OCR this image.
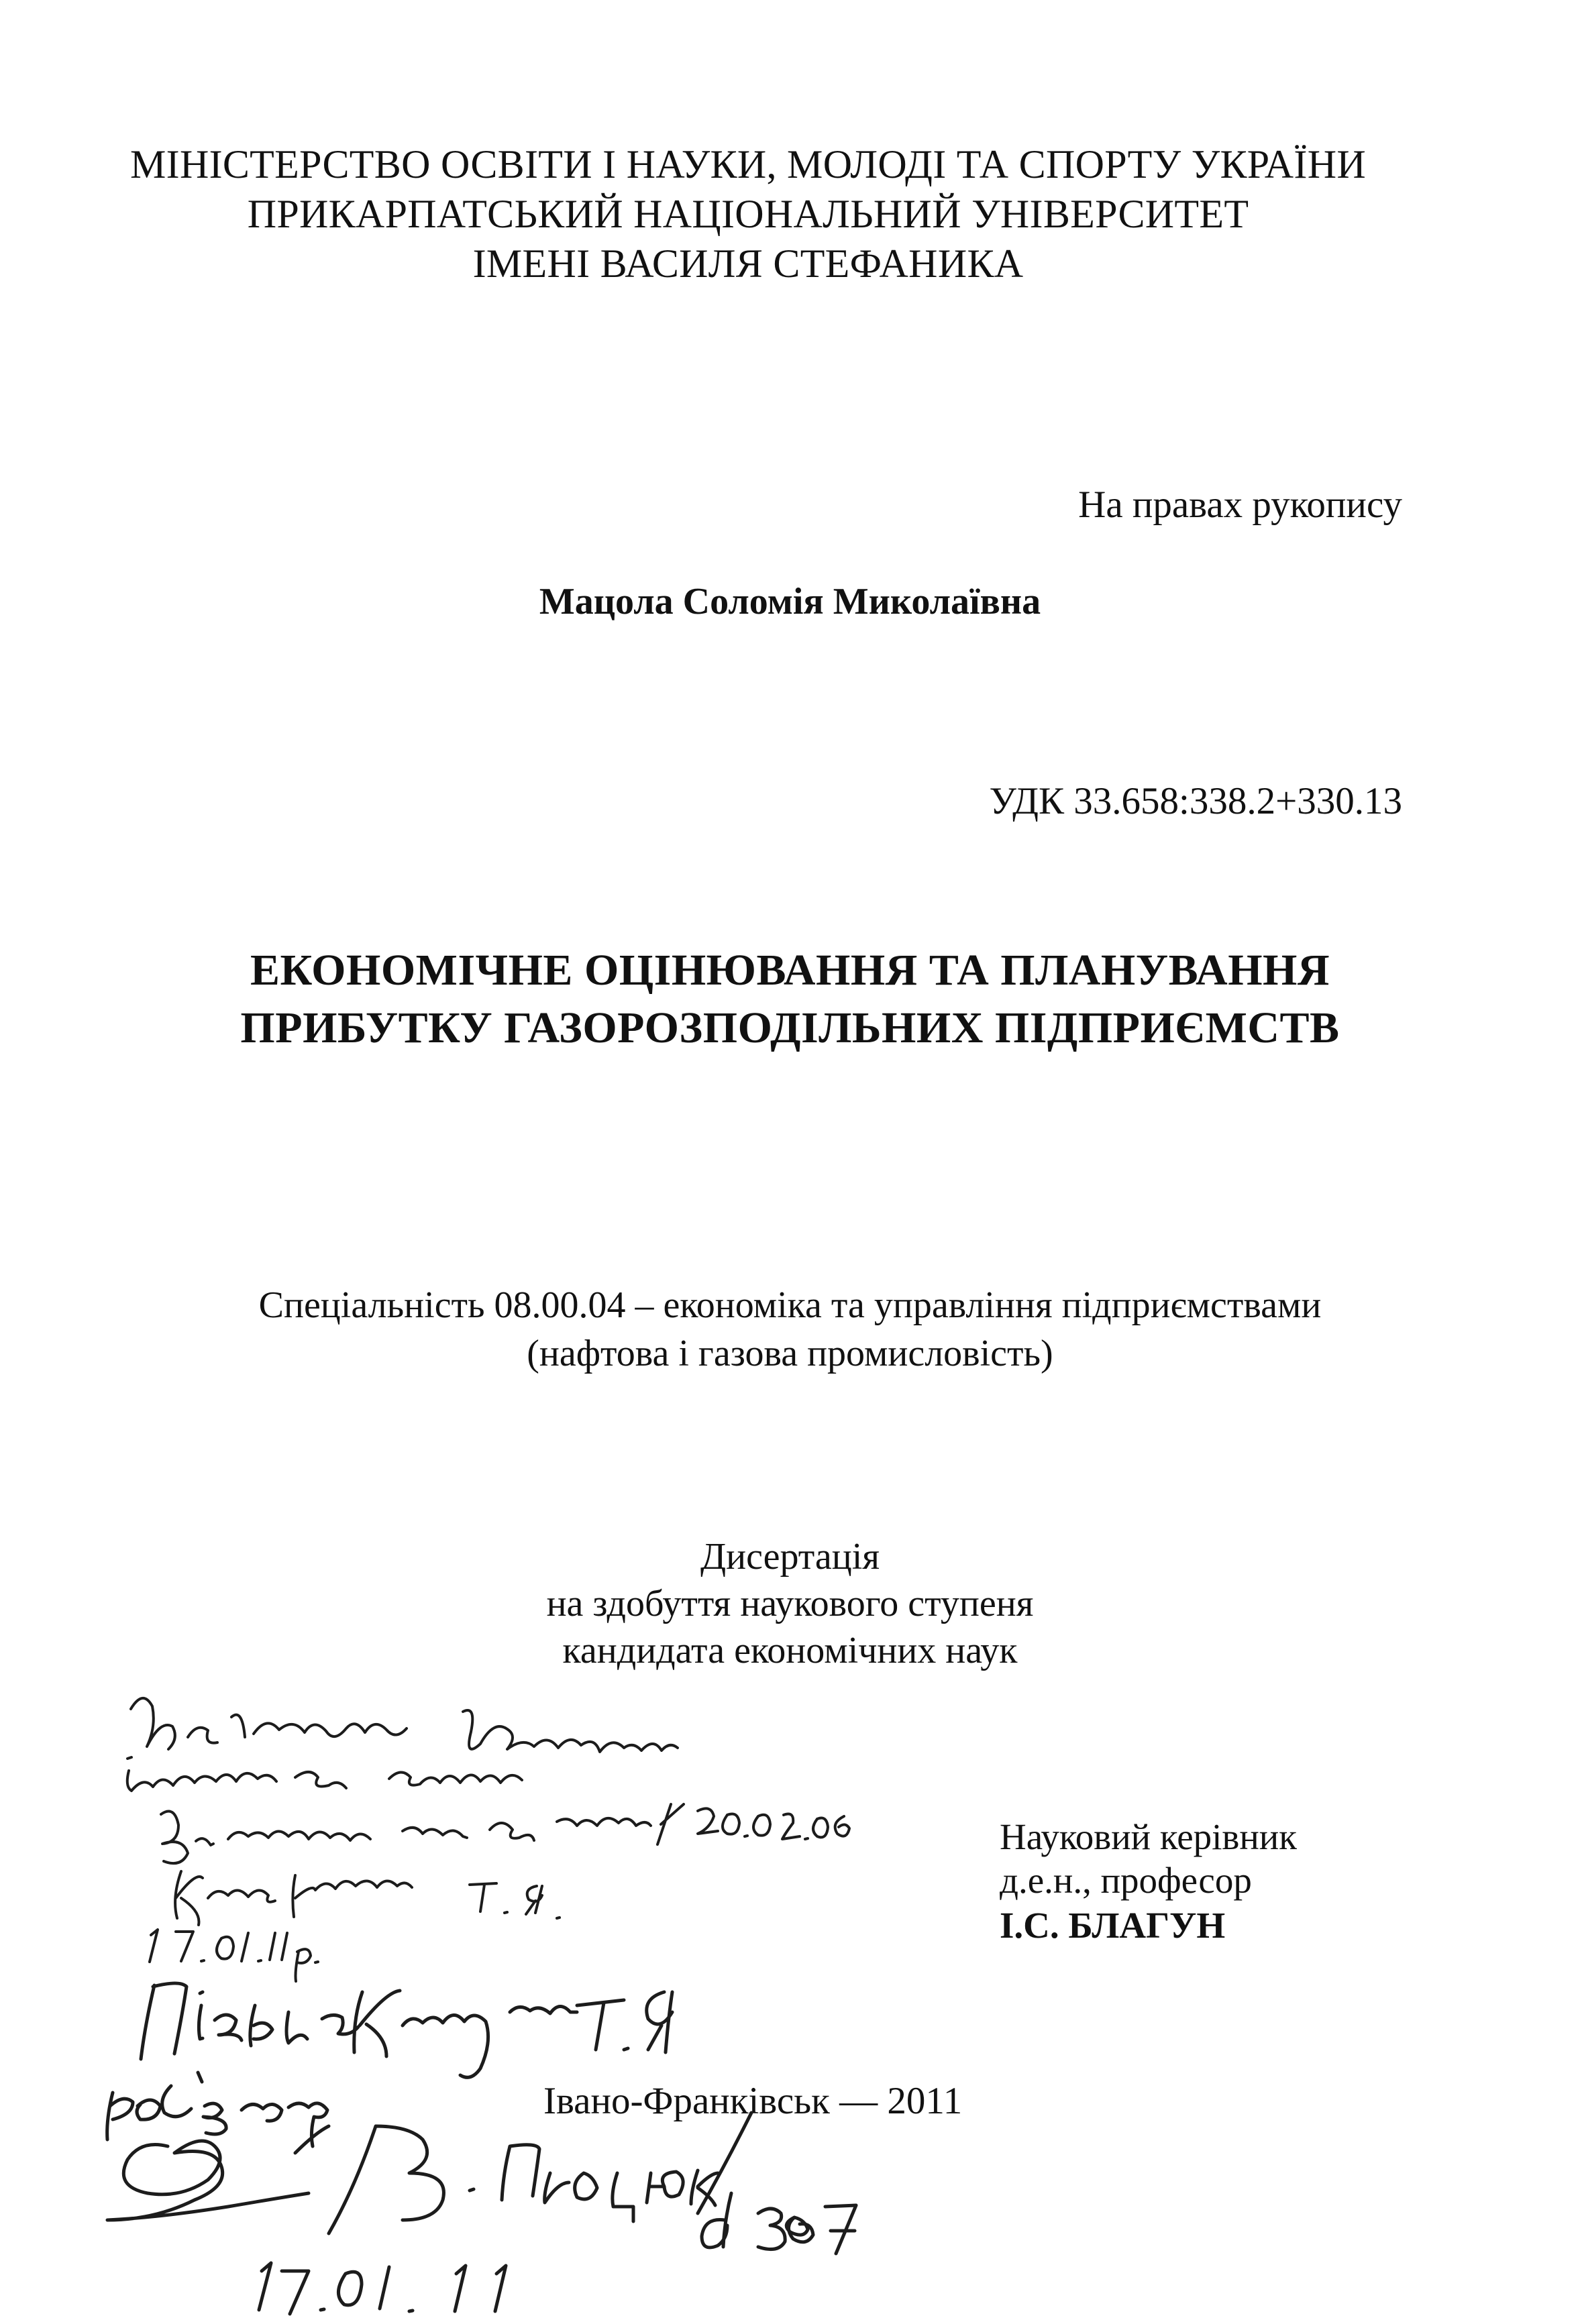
МІНІСТЕРСТВО ОСВІТИ І НАУКИ, МОЛОДІ ТА СПОРТУ УКРАЇНИ
ПРИКАРПАТСЬКИЙ НАЦІОНАЛЬНИЙ УНІВЕРСИТЕТ
ІМЕНІ ВАСИЛЯ СТЕФАНИКА
На правах рукопису
Мацола Соломія Миколаївна
УДК 33.658:338.2+330.13
ЕКОНОМІЧНЕ ОЦІНЮВАННЯ ТА ПЛАНУВАННЯ
ПРИБУТКУ ГАЗОРОЗПОДІЛЬНИХ ПІДПРИЄМСТВ
Спеціальність 08.00.04 – економіка та управління підприємствами
(нафтова і газова промисловість)
Дисертація
на здобуття наукового ступеня
кандидата економічних наук
Науковий керівник
д.е.н., професор
І.С. БЛАГУН
Івано-Франківськ — 2011
